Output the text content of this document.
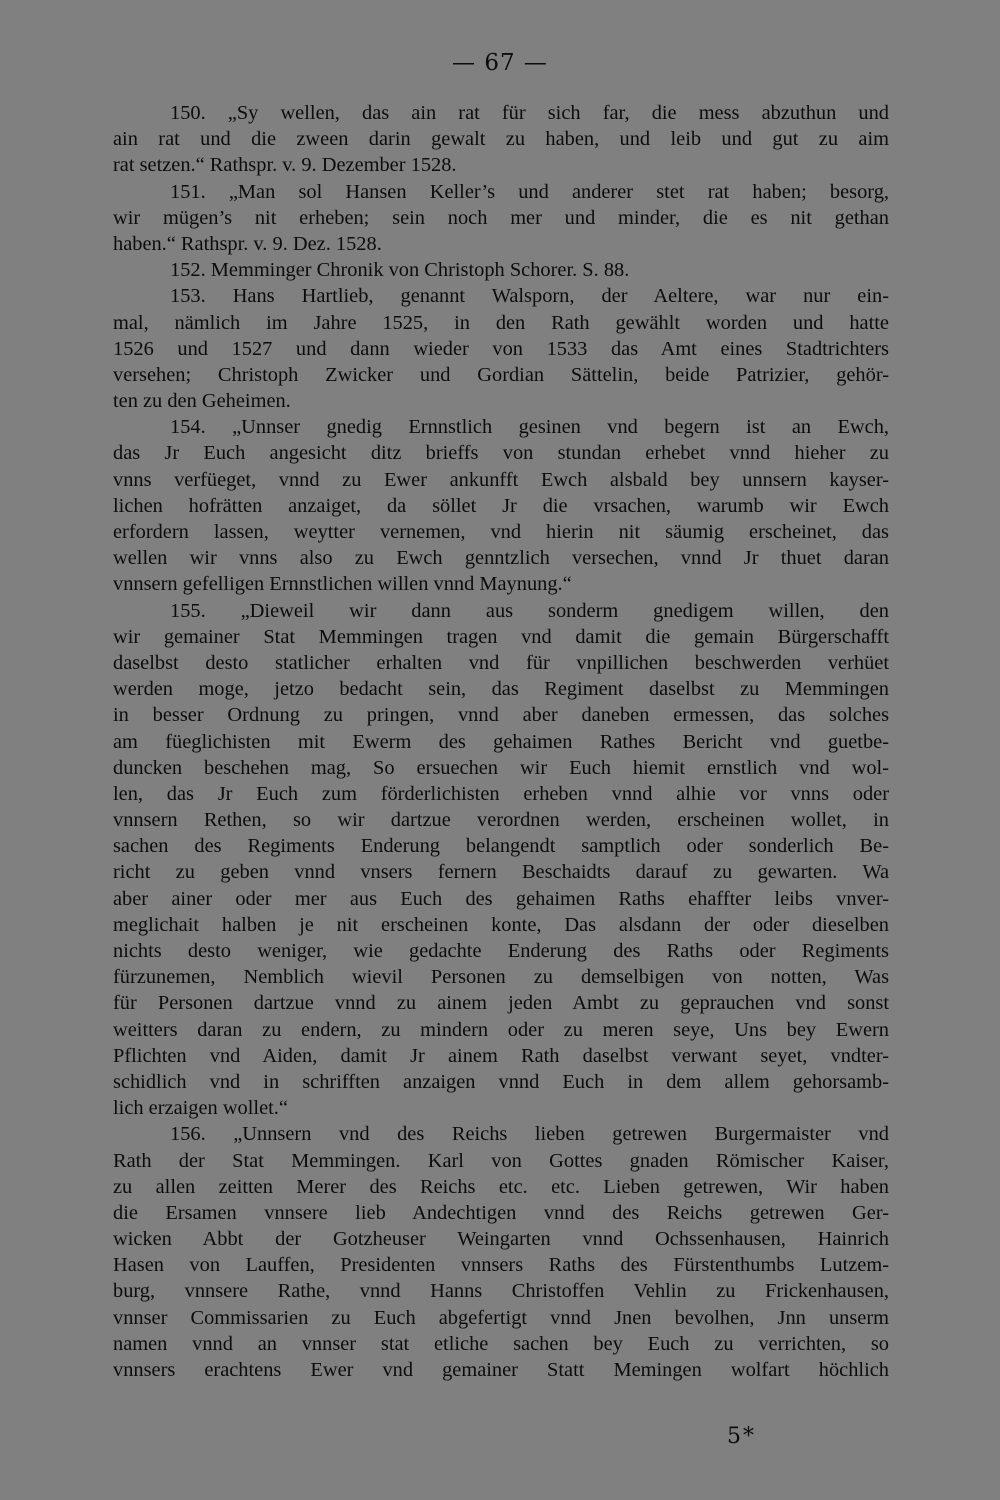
— 67 —
150. „Sy wellen, das ain rat für sich far, die mess abzuthun und
ain rat und die zween darin gewalt zu haben, und leib und gut zu aim
rat setzen.“ Rathspr. v. 9. Dezember 1528.
151. „Man sol Hansen Keller’s und anderer stet rat haben; besorg,
wir mügen’s nit erheben; sein noch mer und minder, die es nit gethan
haben.“ Rathspr. v. 9. Dez. 1528.
152. Memminger Chronik von Christoph Schorer. S. 88.
153. Hans Hartlieb, genannt Walsporn, der Aeltere, war nur ein-
mal, nämlich im Jahre 1525, in den Rath gewählt worden und hatte
1526 und 1527 und dann wieder von 1533 das Amt eines Stadtrichters
versehen; Christoph Zwicker und Gordian Sättelin, beide Patrizier, gehör-
ten zu den Geheimen.
154. „Unnser gnedig Ernnstlich gesinen vnd begern ist an Ewch,
das Jr Euch angesicht ditz brieffs von stundan erhebet vnnd hieher zu
vnns verfüeget, vnnd zu Ewer ankunfft Ewch alsbald bey unnsern kayser-
lichen hofrätten anzaiget, da söllet Jr die vrsachen, warumb wir Ewch
erfordern lassen, weytter vernemen, vnd hierin nit säumig erscheinet, das
wellen wir vnns also zu Ewch genntzlich versechen, vnnd Jr thuet daran
vnnsern gefelligen Ernnstlichen willen vnnd Maynung.“
155. „Dieweil wir dann aus sonderm gnedigem willen, den
wir gemainer Stat Memmingen tragen vnd damit die gemain Bürgerschafft
daselbst desto statlicher erhalten vnd für vnpillichen beschwerden verhüet
werden moge, jetzo bedacht sein, das Regiment daselbst zu Memmingen
in besser Ordnung zu pringen, vnnd aber daneben ermessen, das solches
am füeglichisten mit Ewerm des gehaimen Rathes Bericht vnd guetbe-
duncken beschehen mag, So ersuechen wir Euch hiemit ernstlich vnd wol-
len, das Jr Euch zum förderlichisten erheben vnnd alhie vor vnns oder
vnnsern Rethen, so wir dartzue verordnen werden, erscheinen wollet, in
sachen des Regiments Enderung belangendt samptlich oder sonderlich Be-
richt zu geben vnnd vnsers fernern Beschaidts darauf zu gewarten. Wa
aber ainer oder mer aus Euch des gehaimen Raths ehaffter leibs vnver-
meglichait halben je nit erscheinen konte, Das alsdann der oder dieselben
nichts desto weniger, wie gedachte Enderung des Raths oder Regiments
fürzunemen, Nemblich wievil Personen zu demselbigen von notten, Was
für Personen dartzue vnnd zu ainem jeden Ambt zu geprauchen vnd sonst
weitters daran zu endern, zu mindern oder zu meren seye, Uns bey Ewern
Pflichten vnd Aiden, damit Jr ainem Rath daselbst verwant seyet, vndter-
schidlich vnd in schrifften anzaigen vnnd Euch in dem allem gehorsamb-
lich erzaigen wollet.“
156. „Unnsern vnd des Reichs lieben getrewen Burgermaister vnd
Rath der Stat Memmingen. Karl von Gottes gnaden Römischer Kaiser,
zu allen zeitten Merer des Reichs etc. etc. Lieben getrewen, Wir haben
die Ersamen vnnsere lieb Andechtigen vnnd des Reichs getrewen Ger-
wicken Abbt der Gotzheuser Weingarten vnnd Ochssenhausen, Hainrich
Hasen von Lauffen, Presidenten vnnsers Raths des Fürstenthumbs Lutzem-
burg, vnnsere Rathe, vnnd Hanns Christoffen Vehlin zu Frickenhausen,
vnnser Commissarien zu Euch abgefertigt vnnd Jnen bevolhen, Jnn unserm
namen vnnd an vnnser stat etliche sachen bey Euch zu verrichten, so
vnnsers erachtens Ewer vnd gemainer Statt Memingen wolfart höchlich
5*
